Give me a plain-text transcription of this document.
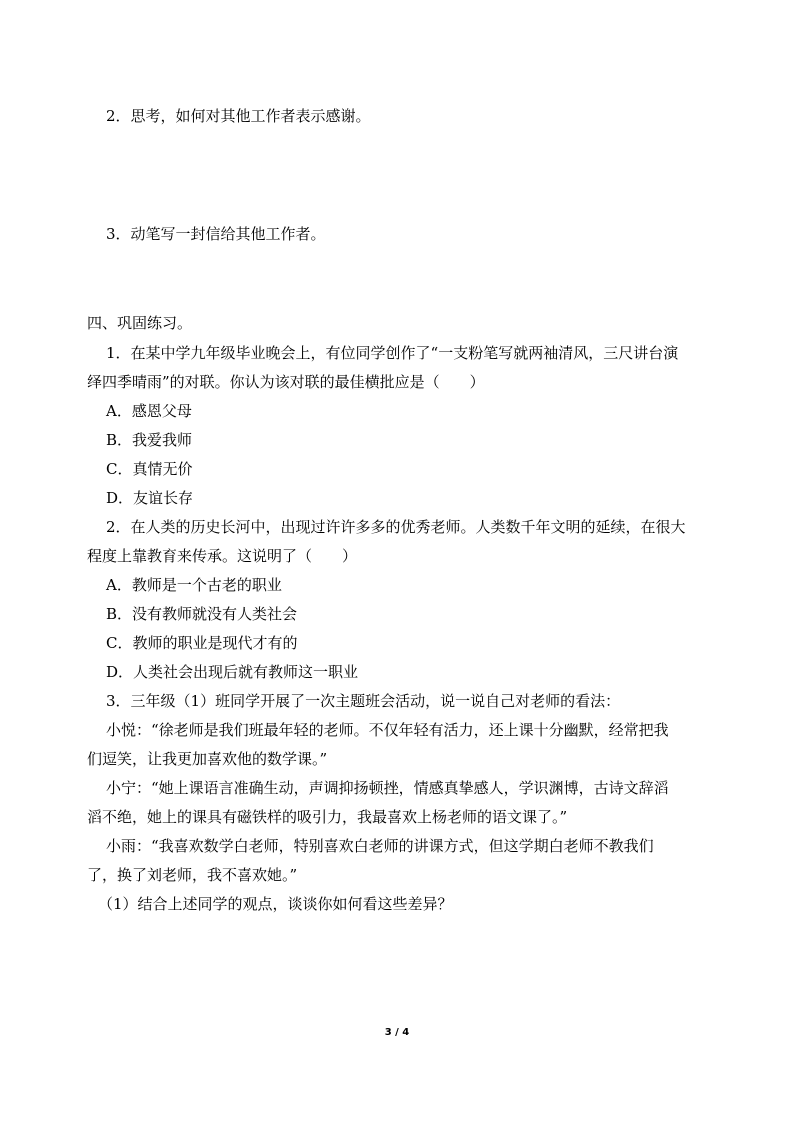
2．思考，如何对其他工作者表示感谢。
3．动笔写一封信给其他工作者。
四、巩固练习。
1．在某中学九年级毕业晚会上，有位同学创作了“一支粉笔写就两袖清风，三尺讲台演
绎四季晴雨”的对联。你认为该对联的最佳横批应是（　　）
A．感恩父母
B．我爱我师
C．真情无价
D．友谊长存
2．在人类的历史长河中，出现过许许多多的优秀老师。人类数千年文明的延续，在很大
程度上靠教育来传承。这说明了（　　）
A．教师是一个古老的职业
B．没有教师就没有人类社会
C．教师的职业是现代才有的
D．人类社会出现后就有教师这一职业
3．三年级（1）班同学开展了一次主题班会活动，说一说自己对老师的看法：
小悦：“徐老师是我们班最年轻的老师。不仅年轻有活力，还上课十分幽默，经常把我
们逗笑，让我更加喜欢他的数学课。”
小宁：“她上课语言准确生动，声调抑扬顿挫，情感真挚感人，学识渊博，古诗文辞滔
滔不绝，她上的课具有磁铁样的吸引力，我最喜欢上杨老师的语文课了。”
小雨：“我喜欢数学白老师，特别喜欢白老师的讲课方式，但这学期白老师不教我们
了，换了刘老师，我不喜欢她。”
（1）结合上述同学的观点，谈谈你如何看这些差异？
3 / 4
